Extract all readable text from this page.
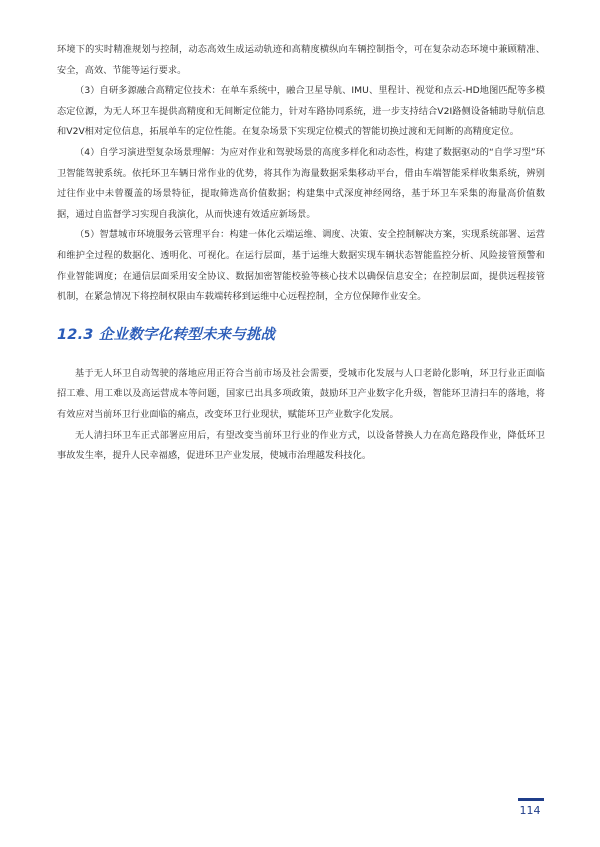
环境下的实时精准规划与控制，动态高效生成运动轨迹和高精度横纵向车辆控制指令，可在复杂动态环境中兼顾精准、安全，高效、节能等运行要求。

（3）自研多源融合高精定位技术：在单车系统中，融合卫星导航、IMU、里程计、视觉和点云-HD地图匹配等多模态定位源，为无人环卫车提供高精度和无间断定位能力，针对车路协同系统，进一步支持结合V2I路侧设备辅助导航信息和V2V相对定位信息，拓展单车的定位性能。在复杂场景下实现定位模式的智能切换过渡和无间断的高精度定位。

（4）自学习演进型复杂场景理解：为应对作业和驾驶场景的高度多样化和动态性，构建了数据驱动的“自学习型”环卫智能驾驶系统。依托环卫车辆日常作业的优势，将其作为海量数据采集移动平台，借由车端智能采样收集系统，辨别过往作业中未曾覆盖的场景特征，提取筛选高价值数据；构建集中式深度神经网络，基于环卫车采集的海量高价值数据，通过自监督学习实现自我演化，从而快速有效适应新场景。

（5）智慧城市环境服务云管理平台：构建一体化云端运维、调度、决策、安全控制解决方案，实现系统部署、运营和维护全过程的数据化、透明化、可视化。在运行层面，基于运维大数据实现车辆状态智能监控分析、风险接管预警和作业智能调度；在通信层面采用安全协议、数据加密智能校验等核心技术以确保信息安全；在控制层面，提供远程接管机制，在紧急情况下将控制权限由车载端转移到运维中心远程控制，全方位保障作业安全。

12.3 企业数字化转型未来与挑战

基于无人环卫自动驾驶的落地应用正符合当前市场及社会需要，受城市化发展与人口老龄化影响，环卫行业正面临招工难、用工难以及高运营成本等问题，国家已出具多项政策，鼓励环卫产业数字化升级，智能环卫清扫车的落地，将有效应对当前环卫行业面临的痛点，改变环卫行业现状，赋能环卫产业数字化发展。

无人清扫环卫车正式部署应用后，有望改变当前环卫行业的作业方式，以设备替换人力在高危路段作业，降低环卫事故发生率，提升人民幸福感，促进环卫产业发展，使城市治理越发科技化。

114
